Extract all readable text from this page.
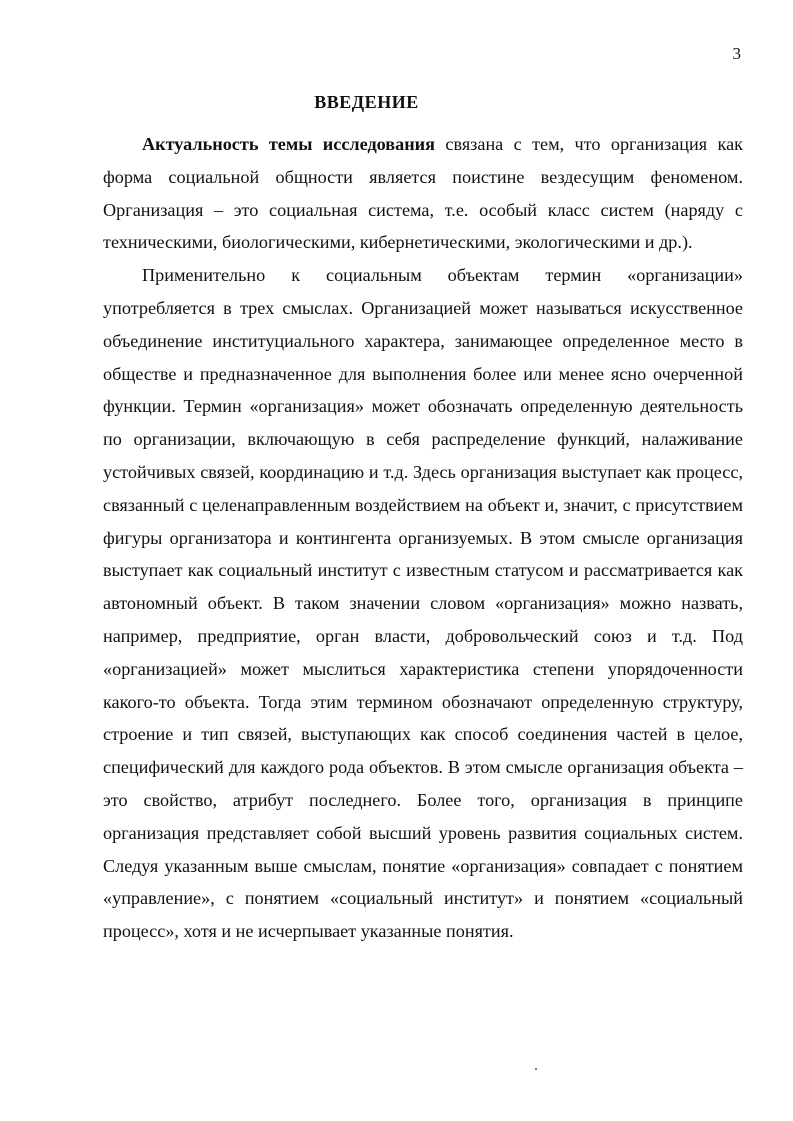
3
ВВЕДЕНИЕ

Актуальность темы исследования связана с тем, что организация как форма социальной общности является поистине вездесущим феноменом. Организация – это социальная система, т.е. особый класс систем (наряду с техническими, биологическими, кибернетическими, экологическими и др.).

Применительно к социальным объектам термин «организации» употребляется в трех смыслах. Организацией может называться искусственное объединение институциального характера, занимающее определенное место в обществе и предназначенное для выполнения более или менее ясно очерченной функции. Термин «организация» может обозначать определенную деятельность по организации, включающую в себя распределение функций, налаживание устойчивых связей, координацию и т.д. Здесь организация выступает как процесс, связанный с целенаправленным воздействием на объект и, значит, с присутствием фигуры организатора и контингента организуемых. В этом смысле организация выступает как социальный институт с известным статусом и рассматривается как автономный объект. В таком значении словом «организация» можно назвать, например, предприятие, орган власти, добровольческий союз и т.д. Под «организацией» может мыслиться характеристика степени упорядоченности какого-то объекта. Тогда этим термином обозначают определенную структуру, строение и тип связей, выступающих как способ соединения частей в целое, специфический для каждого рода объектов. В этом смысле организация объекта – это свойство, атрибут последнего. Более того, организация в принципе организация представляет собой высший уровень развития социальных систем. Следуя указанным выше смыслам, понятие «организация» совпадает с понятием «управление», с понятием «социальный институт» и понятием «социальный процесс», хотя и не исчерпывает указанные понятия.
